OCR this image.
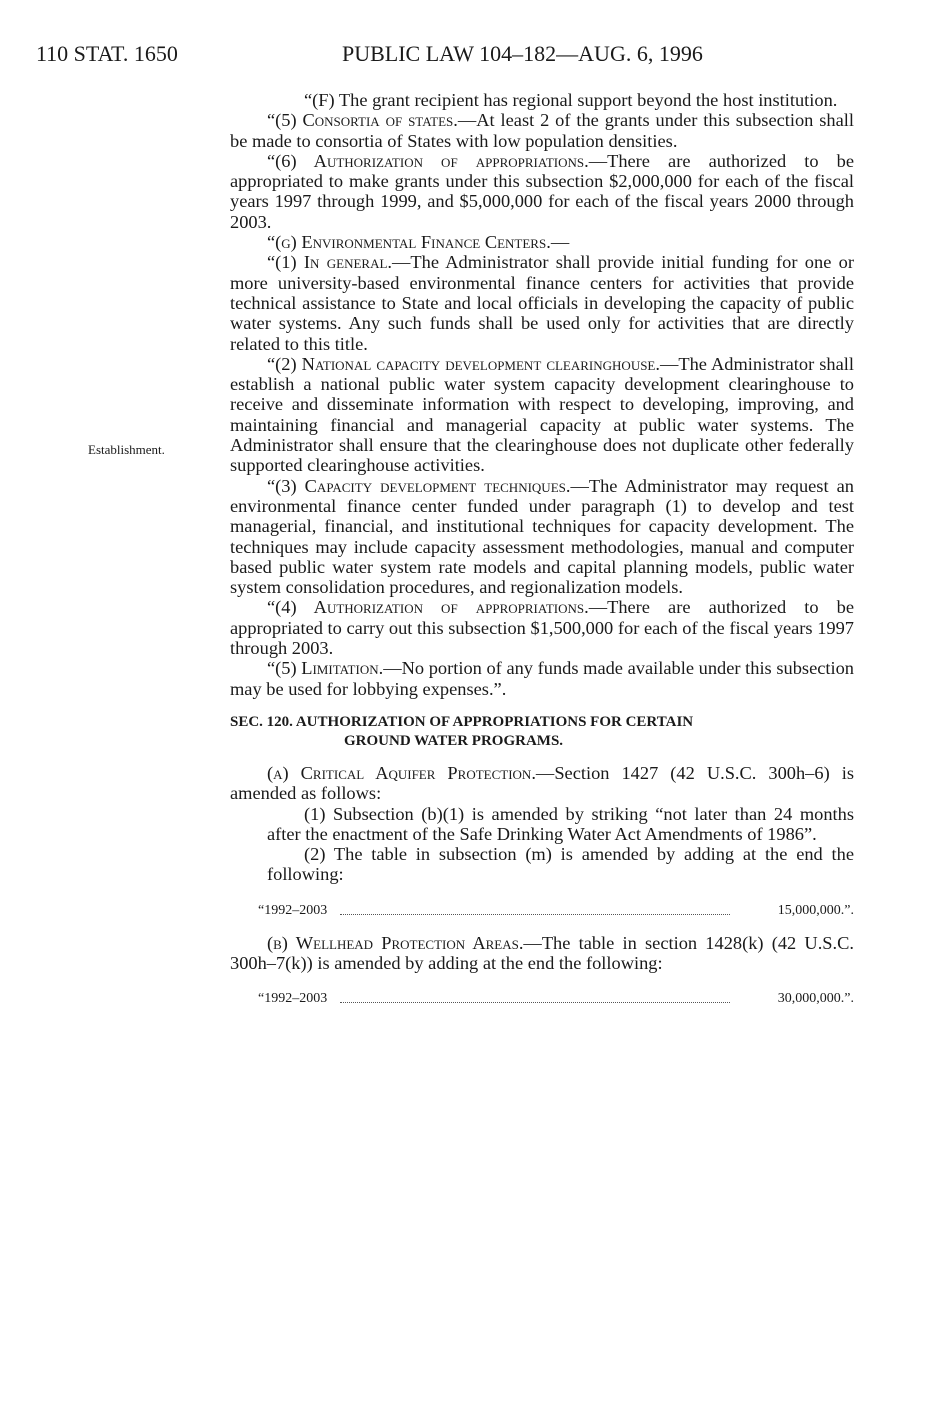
110 STAT. 1650	PUBLIC LAW 104–182—AUG. 6, 1996
Establishment.

“(F) The grant recipient has regional support beyond the host institution.

“(5) Consortia of states.—At least 2 of the grants under this subsection shall be made to consortia of States with low population densities.

“(6) Authorization of appropriations.—There are authorized to be appropriated to make grants under this subsection $2,000,000 for each of the fiscal years 1997 through 1999, and $5,000,000 for each of the fiscal years 2000 through 2003.

“(g) Environmental Finance Centers.—

“(1) In general.—The Administrator shall provide initial funding for one or more university-based environmental finance centers for activities that provide technical assistance to State and local officials in developing the capacity of public water systems. Any such funds shall be used only for activities that are directly related to this title.

“(2) National capacity development clearinghouse.—The Administrator shall establish a national public water system capacity development clearinghouse to receive and disseminate information with respect to developing, improving, and maintaining financial and managerial capacity at public water systems. The Administrator shall ensure that the clearinghouse does not duplicate other federally supported clearinghouse activities.

“(3) Capacity development techniques.—The Administrator may request an environmental finance center funded under paragraph (1) to develop and test managerial, financial, and institutional techniques for capacity development. The techniques may include capacity assessment methodologies, manual and computer based public water system rate models and capital planning models, public water system consolidation procedures, and regionalization models.

“(4) Authorization of appropriations.—There are authorized to be appropriated to carry out this subsection $1,500,000 for each of the fiscal years 1997 through 2003.

“(5) Limitation.—No portion of any funds made available under this subsection may be used for lobbying expenses.”.

SEC. 120. AUTHORIZATION OF APPROPRIATIONS FOR CERTAIN
GROUND WATER PROGRAMS.

(a) Critical Aquifer Protection.—Section 1427 (42 U.S.C. 300h–6) is amended as follows:

(1) Subsection (b)(1) is amended by striking “not later than 24 months after the enactment of the Safe Drinking Water Act Amendments of 1986”.

(2) The table in subsection (m) is amended by adding at the end the following:

“1992–2003	15,000,000.”.

(b) Wellhead Protection Areas.—The table in section 1428(k) (42 U.S.C. 300h–7(k)) is amended by adding at the end the following:

“1992–2003	30,000,000.”.
